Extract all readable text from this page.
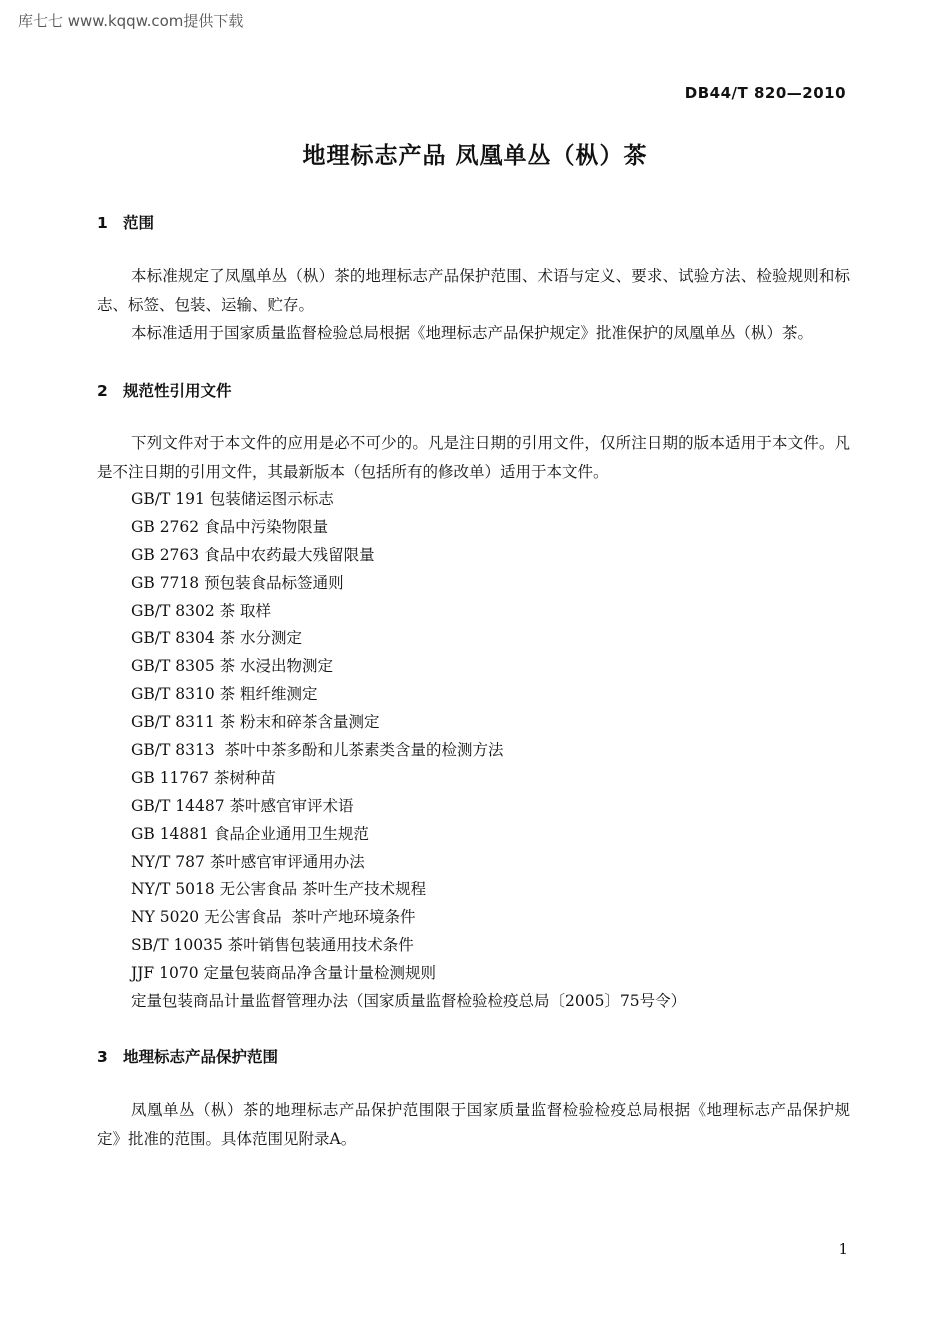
库七七 www.kqqw.com提供下载
DB44/T 820—2010
地理标志产品 凤凰单丛（枞）茶
1 范围

本标准规定了凤凰单丛（枞）茶的地理标志产品保护范围、术语与定义、要求、试验方法、检验规则和标志、标签、包装、运输、贮存。

本标准适用于国家质量监督检验总局根据《地理标志产品保护规定》批准保护的凤凰单丛（枞）茶。

2 规范性引用文件

下列文件对于本文件的应用是必不可少的。凡是注日期的引用文件，仅所注日期的版本适用于本文件。凡是不注日期的引用文件，其最新版本（包括所有的修改单）适用于本文件。

GB/T 191 包装储运图示标志
GB 2762 食品中污染物限量
GB 2763 食品中农药最大残留限量
GB 7718 预包装食品标签通则
GB/T 8302 茶 取样
GB/T 8304 茶 水分测定
GB/T 8305 茶 水浸出物测定
GB/T 8310 茶 粗纤维测定
GB/T 8311 茶 粉末和碎茶含量测定
GB/T 8313  茶叶中茶多酚和儿茶素类含量的检测方法
GB 11767 茶树种苗
GB/T 14487 茶叶感官审评术语
GB 14881 食品企业通用卫生规范
NY/T 787 茶叶感官审评通用办法
NY/T 5018 无公害食品 茶叶生产技术规程
NY 5020 无公害食品  茶叶产地环境条件
SB/T 10035 茶叶销售包装通用技术条件
JJF 1070 定量包装商品净含量计量检测规则
定量包装商品计量监督管理办法（国家质量监督检验检疫总局〔2005〕75号令）
3 地理标志产品保护范围

凤凰单丛（枞）茶的地理标志产品保护范围限于国家质量监督检验检疫总局根据《地理标志产品保护规定》批准的范围。具体范围见附录A。

1
